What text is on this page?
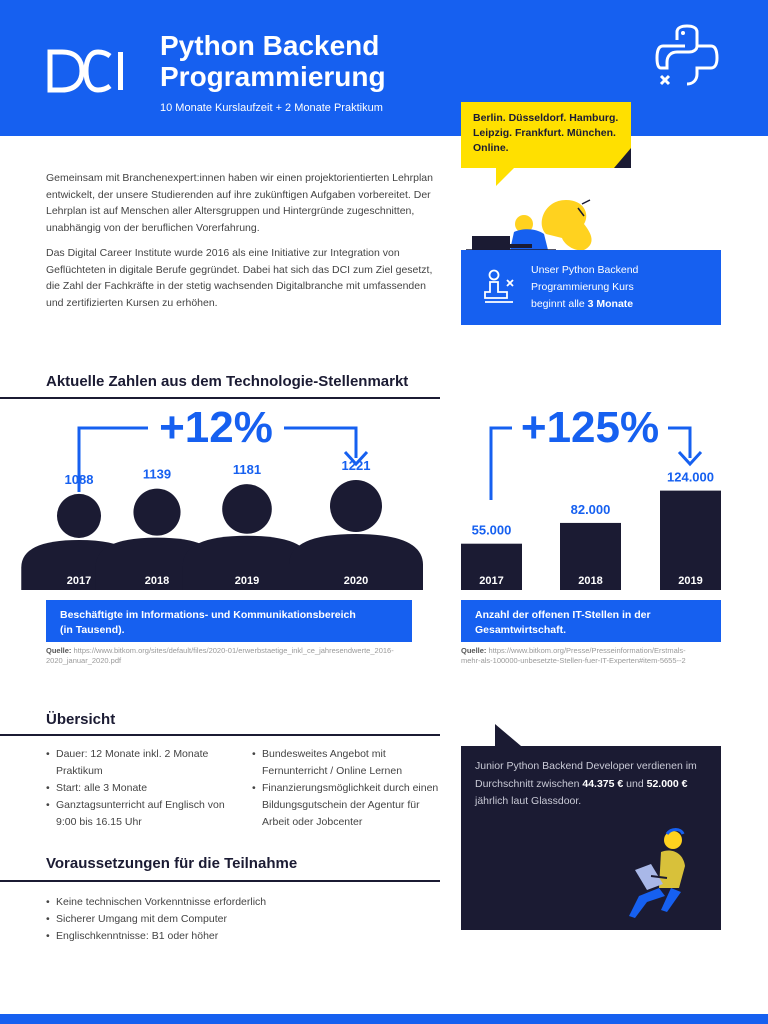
Python Backend
Programmierung
10 Monate Kurslaufzeit + 2 Monate Praktikum
Berlin. Düsseldorf. Hamburg.
Leipzig. Frankfurt. München.
Online.

Gemeinsam mit Branchenexpert:innen haben wir einen projektorientierten Lehrplan entwickelt, der unsere Studierenden auf ihre zukünftigen Aufgaben vorbereitet. Der Lehrplan ist auf Menschen aller Altersgruppen und Hintergründe zugeschnitten, unabhängig von der beruflichen Vorerfahrung.

Das Digital Career Institute wurde 2016 als eine Initiative zur Integration von Geflüchteten in digitale Berufe gegründet. Dabei hat sich das DCI zum Ziel gesetzt, die Zahl der Fachkräfte in der stetig wachsenden Digitalbranche mit umfassenden und zertifizierten Kursen zu erhöhen.

Unser Python Backend
Programmierung Kurs
beginnt alle 3 Monate
Aktuelle Zahlen aus dem Technologie-Stellenmarkt
2017
1088
2018
1139
2019
1181
2020
1221
+12%
2017
55.000
2018
82.000
2019
124.000
+125%
Beschäftigte im Informations- und Kommunikationsbereich
(in Tausend).
Quelle: https://www.bitkom.org/sites/default/files/2020-01/erwerbstaetige_inkl_ce_jahresendwerte_2016-2020_januar_2020.pdf
Anzahl der offenen IT-Stellen in der
Gesamtwirtschaft.
Quelle: https://www.bitkom.org/Presse/Presseinformation/Erstmals-mehr-als-100000-unbesetzte-Stellen-fuer-IT-Experten#item-5655--2
Übersicht
• Dauer: 12 Monate inkl. 2 Monate Praktikum
• Start: alle 3 Monate
• Ganztagsunterricht auf Englisch von 9:00 bis 16.15 Uhr
• Bundesweites Angebot mit Fernunterricht / Online Lernen
• Finanzierungsmöglichkeit durch einen Bildungsgutschein der Agentur für Arbeit oder Jobcenter
Voraussetzungen für die Teilnahme
• Keine technischen Vorkenntnisse erforderlich
• Sicherer Umgang mit dem Computer
• Englischkenntnisse: B1 oder höher
Junior Python Backend Developer verdienen im Durchschnitt zwischen 44.375 € und 52.000 € jährlich laut Glassdoor.
